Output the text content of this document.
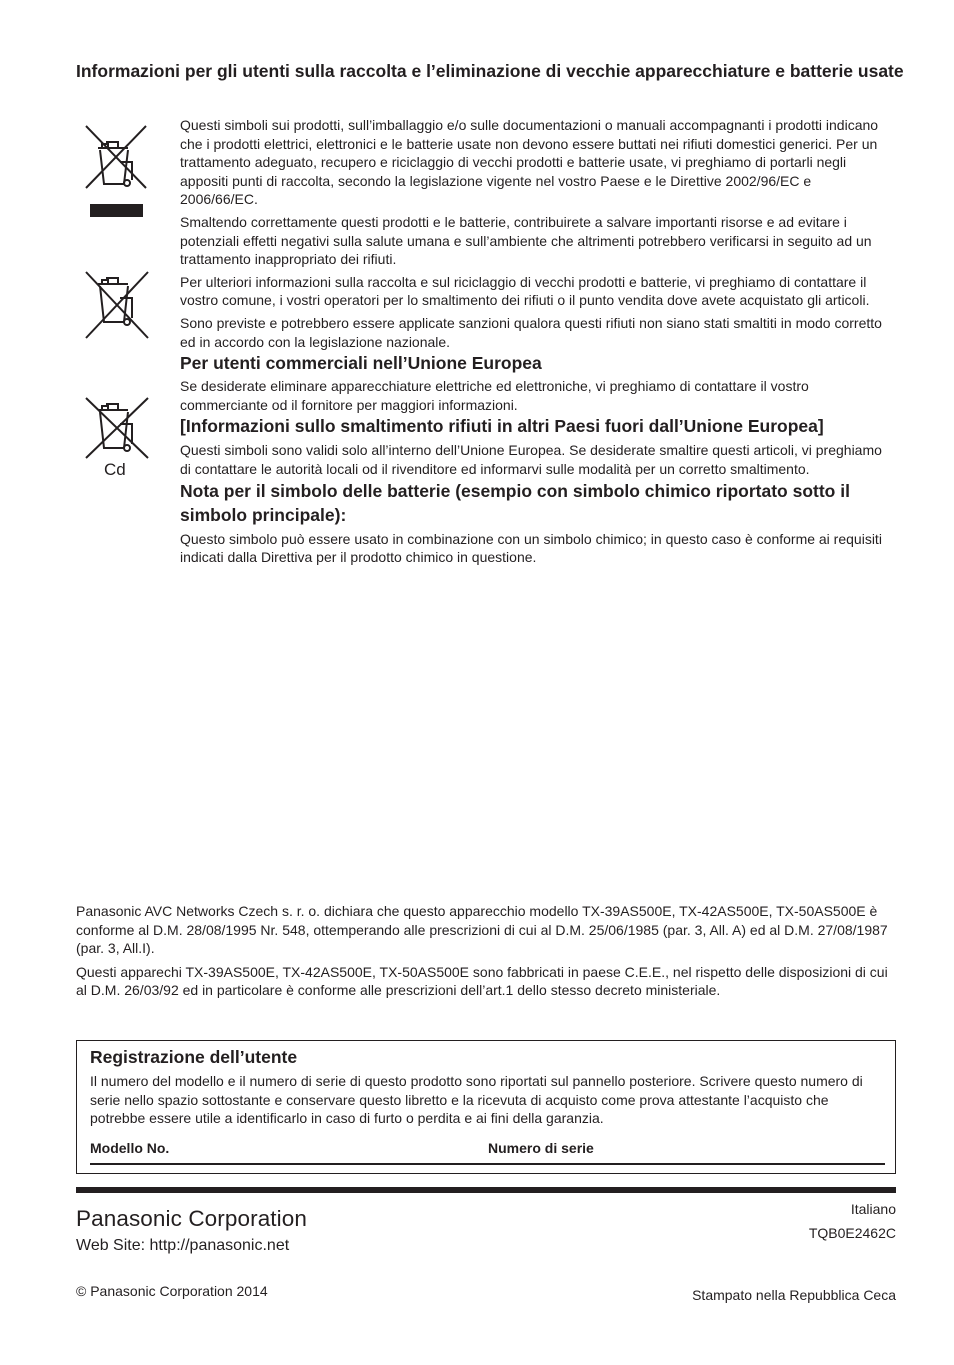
Informazioni per gli utenti sulla raccolta e l’eliminazione di vecchie apparecchiature e batterie usate
Cd

Questi simboli sui prodotti, sull’imballaggio e/o sulle documentazioni o manuali accompagnanti i prodotti indicano che i prodotti elettrici, elettronici e le batterie usate non devono essere buttati nei rifiuti domestici generici. Per un trattamento adeguato, recupero e riciclaggio di vecchi prodotti e batterie usate, vi preghiamo di portarli negli appositi punti di raccolta, secondo la legislazione vigente nel vostro Paese e le Direttive 2002/96/EC e 2006/66/EC.

Smaltendo correttamente questi prodotti e le batterie, contribuirete a salvare importanti risorse e ad evitare i potenziali effetti negativi sulla salute umana e sull’ambiente che altrimenti potrebbero verificarsi in seguito ad un trattamento inappropriato dei rifiuti.

Per ulteriori informazioni sulla raccolta e sul riciclaggio di vecchi prodotti e batterie, vi preghiamo di contattare il vostro comune, i vostri operatori per lo smaltimento dei rifiuti o il punto vendita dove avete acquistato gli articoli.

Sono previste e potrebbero essere applicate sanzioni qualora questi rifiuti non siano stati smaltiti in modo corretto ed in accordo con la legislazione nazionale.

Per utenti commerciali nell’Unione Europea

Se desiderate eliminare apparecchiature elettriche ed elettroniche, vi preghiamo di contattare il vostro commerciante od il fornitore per maggiori informazioni.

[Informazioni sullo smaltimento rifiuti in altri Paesi fuori dall’Unione Europea]

Questi simboli sono validi solo all’interno dell’Unione Europea. Se desiderate smaltire questi articoli, vi preghiamo di contattare le autorità locali od il rivenditore ed informarvi sulle modalità per un corretto smaltimento.

Nota per il simbolo delle batterie (esempio con simbolo chimico riportato sotto il simbolo principale):

Questo simbolo può essere usato in combinazione con un simbolo chimico; in questo caso è conforme ai requisiti indicati dalla Direttiva per il prodotto chimico in questione.

Panasonic AVC Networks Czech s. r. o. dichiara che questo apparecchio modello TX-39AS500E, TX-42AS500E, TX-50AS500E è conforme al D.M. 28/08/1995 Nr. 548, ottemperando alle prescrizioni di cui al D.M. 25/06/1985 (par. 3, All. A) ed al D.M. 27/08/1987 (par. 3, All.I).

Questi apparechi TX-39AS500E, TX-42AS500E, TX-50AS500E sono fabbricati in paese C.E.E., nel rispetto delle disposizioni di cui al D.M. 26/03/92 ed in particolare è conforme alle prescrizioni dell’art.1 dello stesso decreto ministeriale.

Registrazione dell’utente

Il numero del modello e il numero di serie di questo prodotto sono riportati sul pannello posteriore. Scrivere questo numero di serie nello spazio sottostante e conservare questo libretto e la ricevuta di acquisto come prova attestante l’acquisto che potrebbe essere utile a identificarlo in caso di furto o perdita e ai fini della garanzia.

Modello No.	Numero di serie
Panasonic Corporation
Web Site: http://panasonic.net
Italiano
TQB0E2462C
© Panasonic Corporation 2014	Stampato nella Repubblica Ceca
